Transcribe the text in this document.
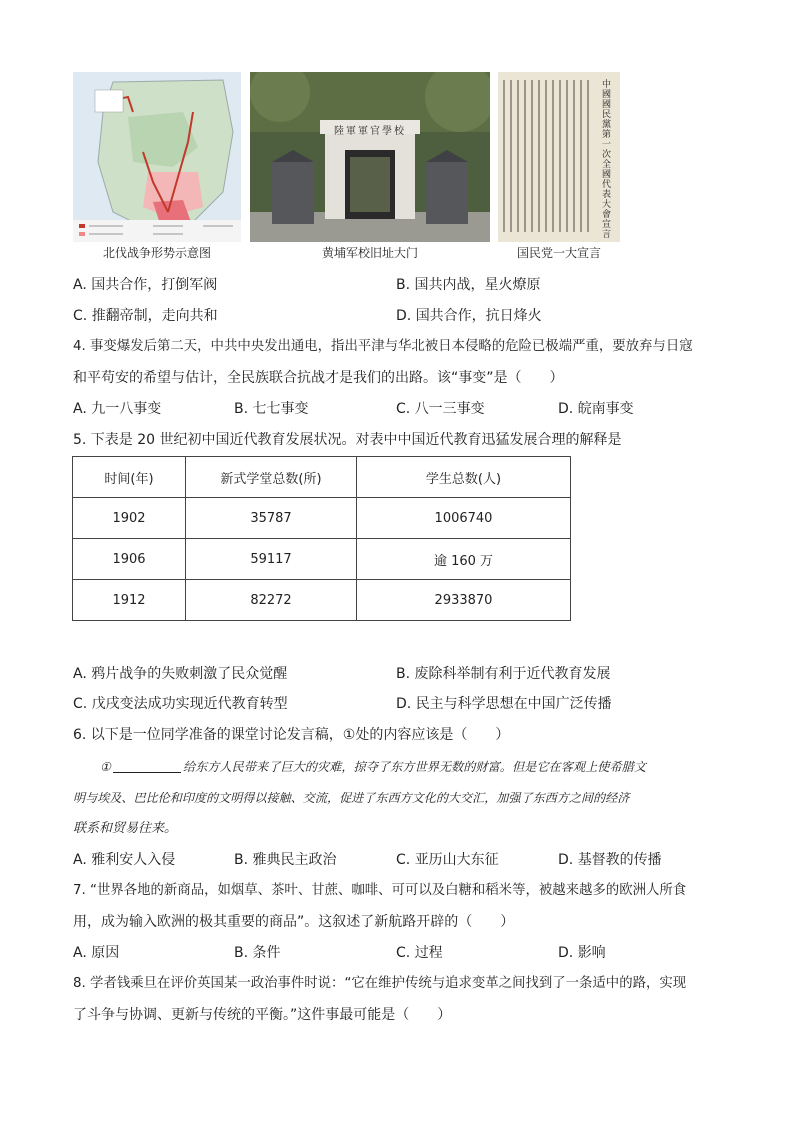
北伐战争形势示意图
陸軍軍官學校
黄埔军校旧址大门
中國國民黨第一次全國代表大會宣言
国民党一大宣言
A. 国共合作，打倒军阀	B. 国共内战，星火燎原
C. 推翻帝制，走向共和	D. 国共合作，抗日烽火
4. 事变爆发后第二天，中共中央发出通电，指出平津与华北被日本侵略的危险已极端严重，要放弃与日寇
和平苟安的希望与估计，全民族联合抗战才是我们的出路。该“事变”是（　　）
A. 九一八事变	B. 七七事变	C. 八一三事变	D. 皖南事变
5. 下表是 20 世纪初中国近代教育发展状况。对表中中国近代教育迅猛发展合理的解释是
时间(年)	新式学堂总数(所)	学生总数(人)
1902	35787	1006740
1906	59117	逾 160 万
1912	82272	2933870
A. 鸦片战争的失败刺激了民众觉醒	B. 废除科举制有利于近代教育发展
C. 戊戌变法成功实现近代教育转型	D. 民主与科学思想在中国广泛传播
6. 以下是一位同学准备的课堂讨论发言稿，①处的内容应该是（　　）
①	给东方人民带来了巨大的灾难，掠夺了东方世界无数的财富。但是它在客观上使希腊文
明与埃及、巴比伦和印度的文明得以接触、交流，促进了东西方文化的大交汇，加强了东西方之间的经济
联系和贸易往来。
A. 雅利安人入侵	B. 雅典民主政治	C. 亚历山大东征	D. 基督教的传播
7. “世界各地的新商品，如烟草、茶叶、甘蔗、咖啡、可可以及白糖和稻米等，被越来越多的欧洲人所食
用，成为输入欧洲的极其重要的商品”。这叙述了新航路开辟的（　　）
A. 原因	B. 条件	C. 过程	D. 影响
8. 学者钱乘旦在评价英国某一政治事件时说：“它在维护传统与追求变革之间找到了一条适中的路，实现
了斗争与协调、更新与传统的平衡。”这件事最可能是（　　）
